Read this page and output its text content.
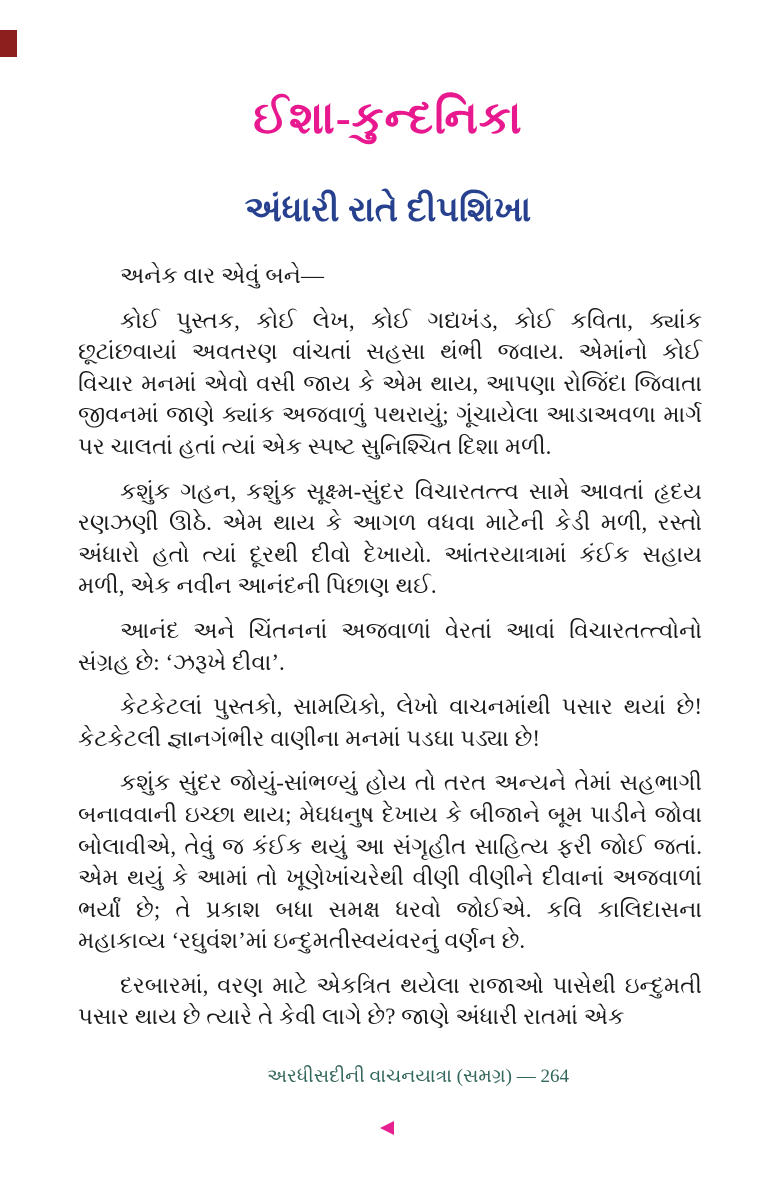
ઈશા-કુન્દનિકા
અંધારી રાતે દીપશિખા
અનેક વાર એવું બને—
કોઈ પુસ્તક, કોઈ લેખ, કોઈ ગદ્યખંડ, કોઈ કવિતા, ક્યાંક
છૂટાંછવાયાં અવતરણ વાંચતાં સહસા થંભી જવાય. એમાંનો કોઈ
વિચાર મનમાં એવો વસી જાય કે એમ થાય, આપણા રોજિંદા જિવાતા
જીવનમાં જાણે ક્યાંક અજવાળું પથરાયું; ગૂંચાયેલા આડાઅવળા માર્ગ
પર ચાલતાં હતાં ત્યાં એક સ્પષ્ટ સુનિશ્ચિત દિશા મળી.
કશુંક ગહન, કશુંક સૂક્ષ્મ-સુંદર વિચારતત્ત્વ સામે આવતાં હૃદય
રણઝણી ઊઠે. એમ થાય કે આગળ વધવા માટેની કેડી મળી, રસ્તો
અંધારો હતો ત્યાં દૂરથી દીવો દેખાયો. આંતરયાત્રામાં કંઈક સહાય
મળી, એક નવીન આનંદની પિછાણ થઈ.
આનંદ અને ચિંતનનાં અજવાળાં વેરતાં આવાં વિચારતત્ત્વોનો
સંગ્રહ છે: ‘ઝરૂખે દીવા’.
કેટકેટલાં પુસ્તકો, સામયિકો, લેખો વાચનમાંથી પસાર થયાં છે!
કેટકેટલી જ્ઞાનગંભીર વાણીના મનમાં પડઘા પડ્યા છે!
કશુંક સુંદર જોયું-સાંભળ્યું હોય તો તરત અન્યને તેમાં સહભાગી
બનાવવાની ઇચ્છા થાય; મેઘધનુષ દેખાય કે બીજાને બૂમ પાડીને જોવા
બોલાવીએ, તેવું જ કંઈક થયું આ સંગૃહીત સાહિત્ય ફરી જોઈ જતાં.
એમ થયું કે આમાં તો ખૂણેખાંચરેથી વીણી વીણીને દીવાનાં અજવાળાં
ભર્યાં છે; તે પ્રકાશ બધા સમક્ષ ધરવો જોઈએ. કવિ કાલિદાસના
મહાકાવ્ય ‘રઘુવંશ’માં ઇન્દુમતીસ્વયંવરનું વર્ણન છે.
દરબારમાં, વરણ માટે એકત્રિત થયેલા રાજાઓ પાસેથી ઇન્દુમતી
પસાર થાય છે ત્યારે તે કેવી લાગે છે? જાણે અંધારી રાતમાં એક
અરધીસદીની વાચનયાત્રા (સમગ્ર) — 264
